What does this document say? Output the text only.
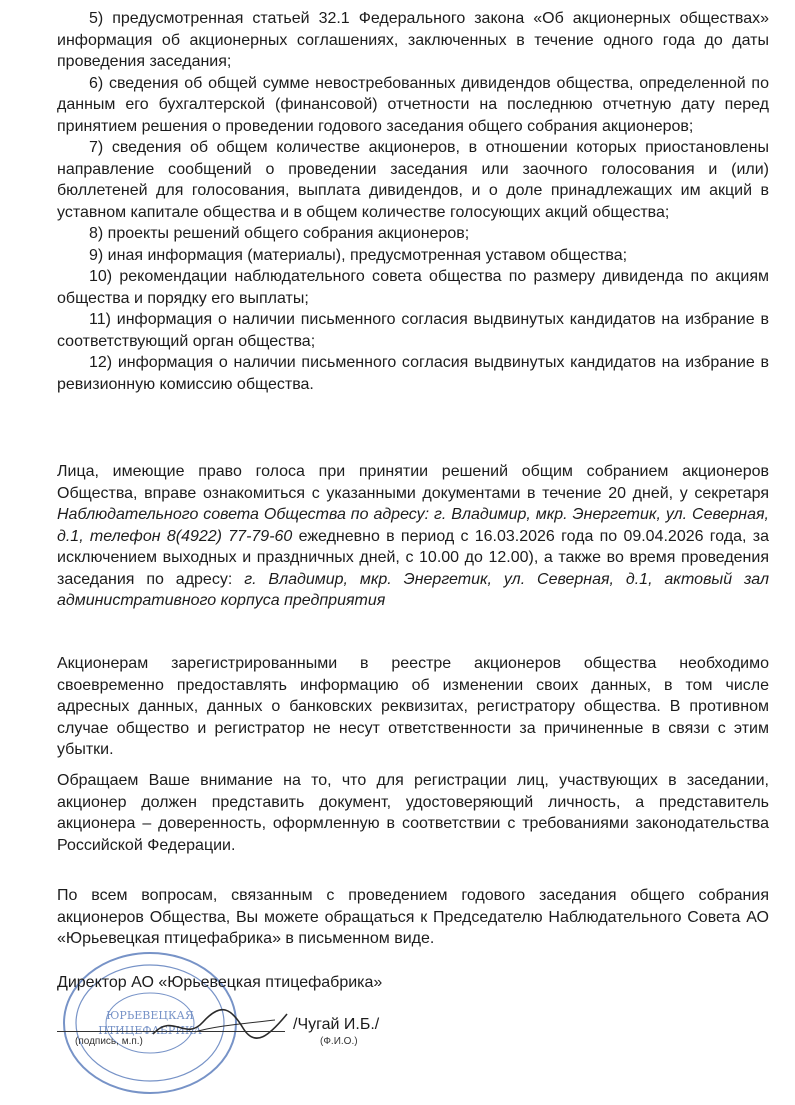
5) предусмотренная статьей 32.1 Федерального закона «Об акционерных обществах» информация об акционерных соглашениях, заключенных в течение одного года до даты проведения заседания;

6) сведения об общей сумме невостребованных дивидендов общества, определенной по данным его бухгалтерской (финансовой) отчетности на последнюю отчетную дату перед принятием решения о проведении годового заседания общего собрания акционеров;

7) сведения об общем количестве акционеров, в отношении которых приостановлены направление сообщений о проведении заседания или заочного голосования и (или) бюллетеней для голосования, выплата дивидендов, и о доле принадлежащих им акций в уставном капитале общества и в общем количестве голосующих акций общества;

8) проекты решений общего собрания акционеров;

9) иная информация (материалы), предусмотренная уставом общества;

10) рекомендации наблюдательного совета общества по размеру дивиденда по акциям общества и порядку его выплаты;

11) информация о наличии письменного согласия выдвинутых кандидатов на избрание в соответствующий орган общества;

12) информация о наличии письменного согласия выдвинутых кандидатов на избрание в ревизионную комиссию общества.

Лица, имеющие право голоса при принятии решений общим собранием акционеров Общества, вправе ознакомиться с указанными документами в течение 20 дней, у секретаря Наблюдательного совета Общества по адресу: г. Владимир, мкр. Энергетик, ул. Северная, д.1, телефон 8(4922) 77-79-60 ежедневно в период с 16.03.2026 года по 09.04.2026 года, за исключением выходных и праздничных дней, с 10.00 до 12.00), а также во время проведения заседания по адресу: г. Владимир, мкр. Энергетик, ул. Северная, д.1, актовый зал административного корпуса предприятия

Акционерам зарегистрированными в реестре акционеров общества необходимо своевременно предоставлять информацию об изменении своих данных, в том числе адресных данных, данных о банковских реквизитах, регистратору общества. В противном случае общество и регистратор не несут ответственности за причиненные в связи с этим убытки.

Обращаем Ваше внимание на то, что для регистрации лиц, участвующих в заседании, акционер должен представить документ, удостоверяющий личность, а представитель акционера – доверенность, оформленную в соответствии с требованиями законодательства Российской Федерации.

По всем вопросам, связанным с проведением годового заседания общего собрания акционеров Общества, Вы можете обращаться к Председателю Наблюдательного Совета АО «Юрьевецкая птицефабрика» в письменном виде.

ЮРЬЕВЕЦКАЯ
ПТИЦЕФАБРИКА
Директор АО «Юрьевецкая птицефабрика»
/Чугай И.Б./
(подпись, м.п.)	(Ф.И.О.)
